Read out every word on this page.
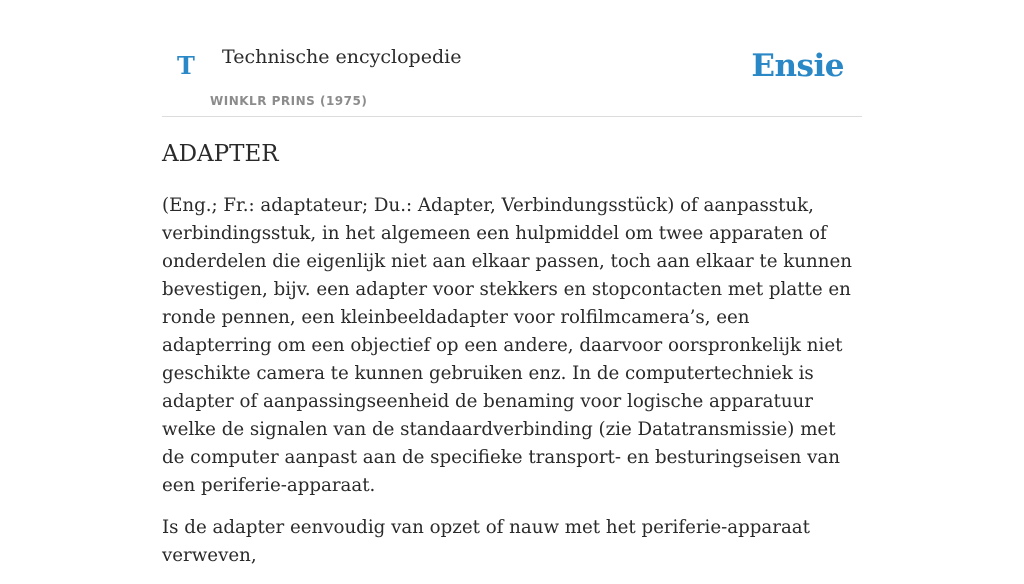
T Technische encyclopedie
WINKLR PRINS (1975)
Ensie
ADAPTER

(Eng.; Fr.: adaptateur; Du.: Adapter, Verbindungsstück) of aanpasstuk, verbindingsstuk, in het algemeen een hulpmiddel om twee apparaten of onderdelen die eigenlijk niet aan elkaar passen, toch aan elkaar te kunnen bevestigen, bijv. een adapter voor stekkers en stopcontacten met platte en ronde pennen, een kleinbeeldadapter voor rolfilmcamera’s, een adapterring om een objectief op een andere, daarvoor oorspronkelijk niet geschikte camera te kunnen gebruiken enz. In de computertechniek is adapter of aanpassingseenheid de benaming voor logische apparatuur welke de signalen van de standaardverbinding (zie Datatransmissie) met de computer aanpast aan de specifieke transport- en besturingseisen van een periferie-apparaat.

Is de adapter eenvoudig van opzet of nauw met het periferie-apparaat verweven,
